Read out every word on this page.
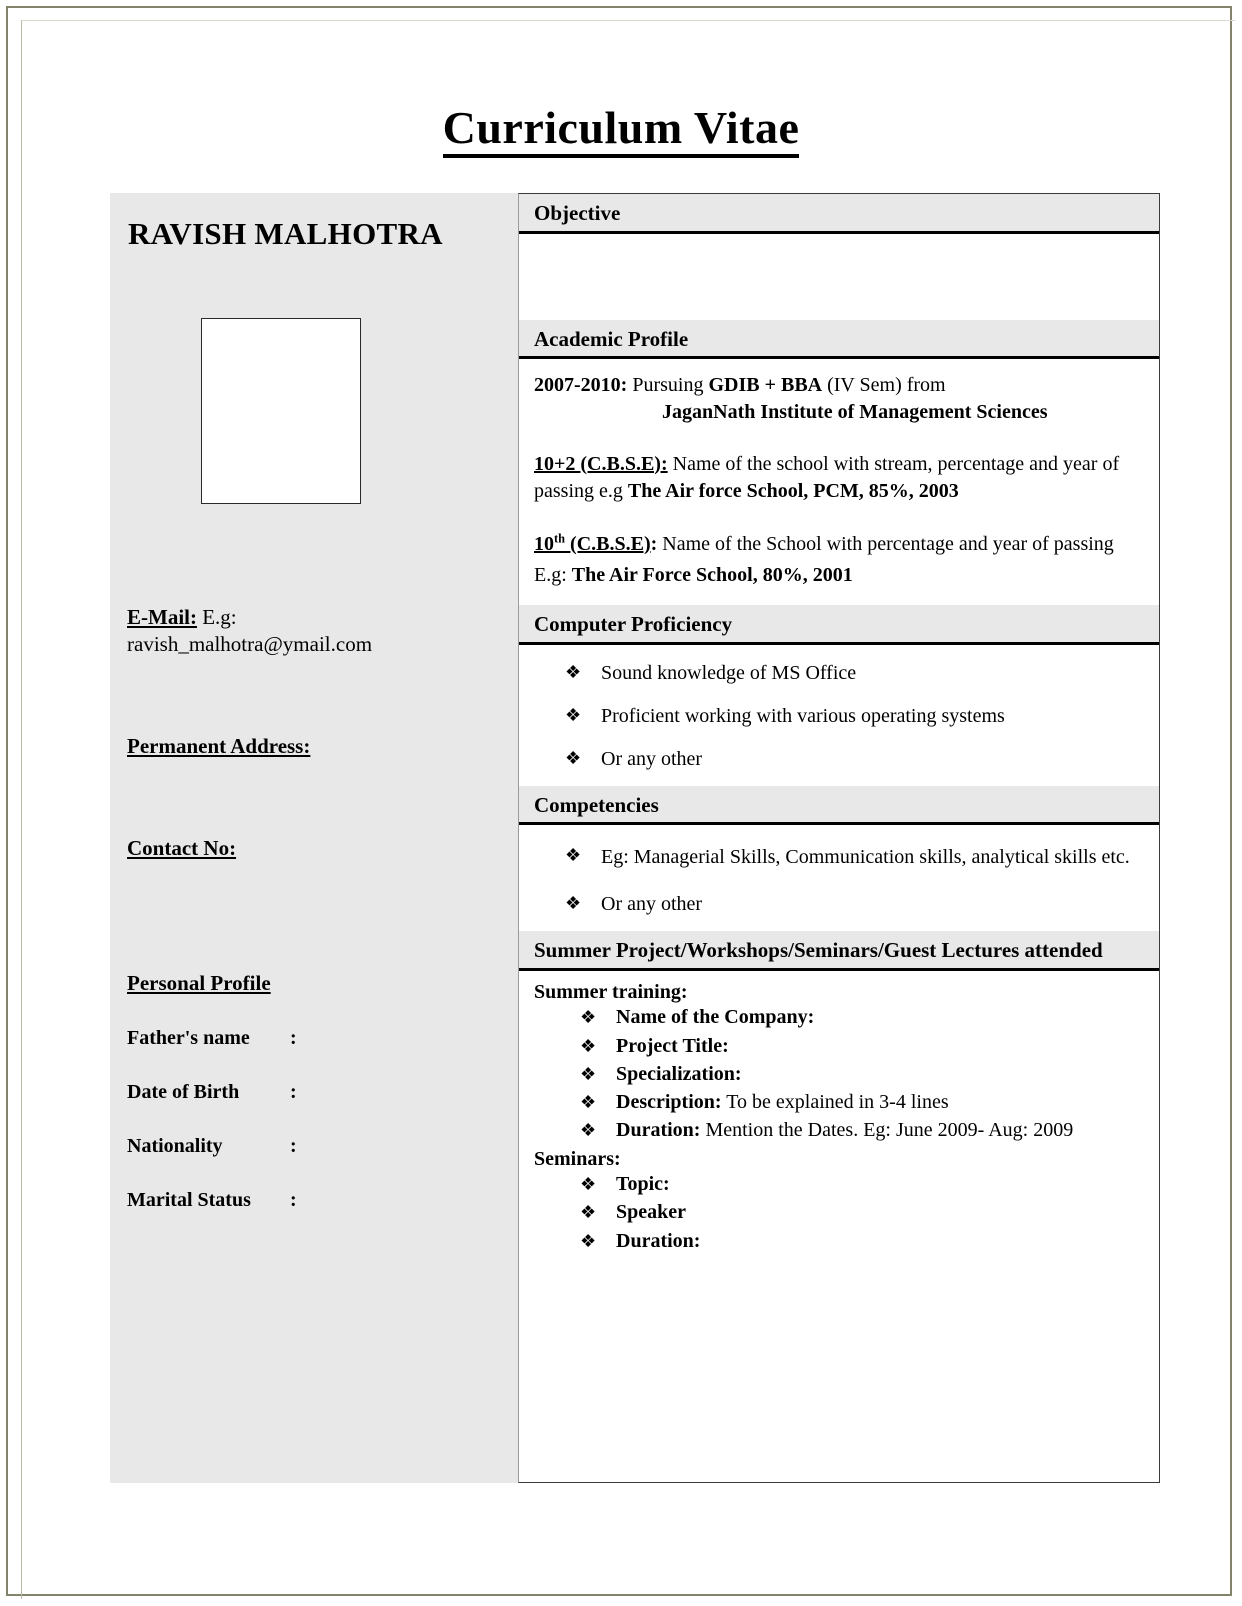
Curriculum Vitae
RAVISH MALHOTRA
E-Mail: E.g:
ravish_malhotra@ymail.com
Permanent Address:
Contact No:
Personal Profile
Father's name	:
Date of Birth	:
Nationality	:
Marital Status	:
Objective
Academic Profile

2007-2010: Pursuing GDIB + BBA (IV Sem) from

JaganNath Institute of Management Sciences

10+2 (C.B.S.E): Name of the school with stream, percentage and year of passing e.g The Air force School, PCM, 85%, 2003

10th (C.B.S.E): Name of the School with percentage and year of passing E.g: The Air Force School, 80%, 2001

Computer Proficiency
❖ Sound knowledge of MS Office
❖ Proficient working with various operating systems
❖ Or any other
Competencies
❖ Eg: Managerial Skills, Communication skills, analytical skills etc.
❖ Or any other
Summer Project/Workshops/Seminars/Guest Lectures attended
Summer training:
❖ Name of the Company:
❖ Project Title:
❖ Specialization:
❖ Description: To be explained in 3-4 lines
❖ Duration: Mention the Dates. Eg: June 2009- Aug: 2009
Seminars:
❖ Topic:
❖ Speaker
❖ Duration:
